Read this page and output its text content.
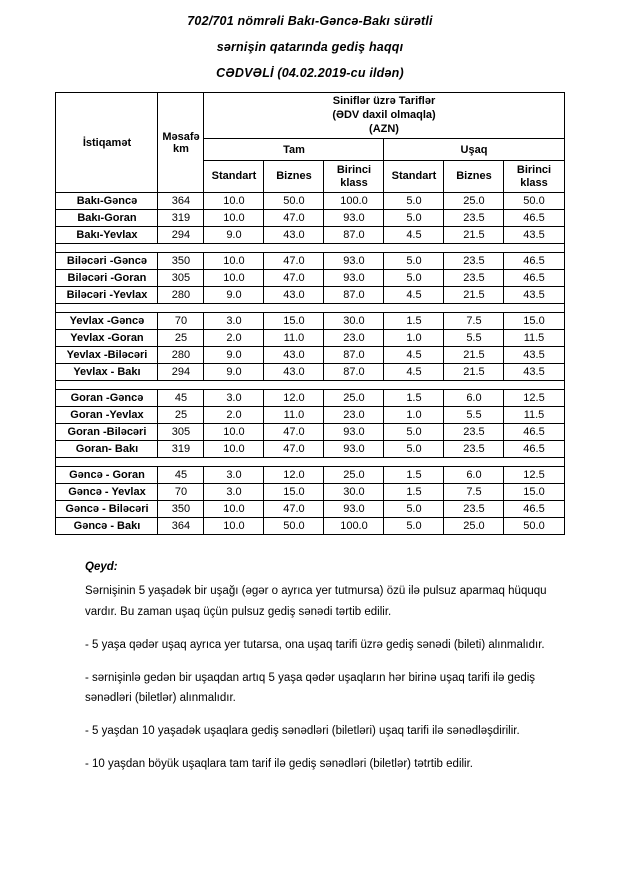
702/701 nömrəli Bakı-Gəncə-Bakı sürətli
sərnişin qatarında gediş haqqı
CƏDVƏLİ (04.02.2019-cu ildən)
İstiqamət	Məsafə
km

Siniflər üzrə Tariflər
(ƏDV daxil olmaqla)
(AZN)

		Tam			Uşaq		
		Standart	Biznes	Birinci klass	Standart	Biznes	Birinci klass
Bakı-Gəncə	364	10.0	50.0	100.0	5.0	25.0	50.0
Bakı-Goran	319	10.0	47.0	93.0	5.0	23.5	46.5
Bakı-Yevlax	294	9.0	43.0	87.0	4.5	21.5	43.5

Biləcəri -Gəncə	350	10.0	47.0	93.0	5.0	23.5	46.5
Biləcəri -Goran	305	10.0	47.0	93.0	5.0	23.5	46.5
Biləcəri -Yevlax	280	9.0	43.0	87.0	4.5	21.5	43.5

Yevlax -Gəncə	70	3.0	15.0	30.0	1.5	7.5	15.0
Yevlax -Goran	25	2.0	11.0	23.0	1.0	5.5	11.5
Yevlax -Biləcəri	280	9.0	43.0	87.0	4.5	21.5	43.5
Yevlax - Bakı	294	9.0	43.0	87.0	4.5	21.5	43.5

Goran -Gəncə	45	3.0	12.0	25.0	1.5	6.0	12.5
Goran -Yevlax	25	2.0	11.0	23.0	1.0	5.5	11.5
Goran -Biləcəri	305	10.0	47.0	93.0	5.0	23.5	46.5
Goran- Bakı	319	10.0	47.0	93.0	5.0	23.5	46.5

Gəncə - Goran	45	3.0	12.0	25.0	1.5	6.0	12.5
Gəncə - Yevlax	70	3.0	15.0	30.0	1.5	7.5	15.0
Gəncə - Biləcəri	350	10.0	47.0	93.0	5.0	23.5	46.5
Gəncə - Bakı	364	10.0	50.0	100.0	5.0	25.0	50.0
Qeyd:

Sərnişinin 5 yaşadək bir uşağı (əgər o ayrıca yer tutmursa) özü ilə pulsuz aparmaq hüququ vardır. Bu zaman uşaq üçün pulsuz gediş sənədi tərtib edilir.

- 5 yaşa qədər uşaq ayrıca yer tutarsa, ona uşaq tarifi üzrə gediş sənədi (bileti) alınmalıdır.

- sərnişinlə gedən bir uşaqdan artıq 5 yaşa qədər uşaqların hər birinə uşaq tarifi ilə gediş sənədləri (biletlər) alınmalıdır.

- 5 yaşdan 10 yaşadək uşaqlara gediş sənədləri (biletləri) uşaq tarifi ilə sənədləşdirilir.

- 10 yaşdan böyük uşaqlara tam tarif ilə gediş sənədləri (biletlər) tətrtib edilir.
